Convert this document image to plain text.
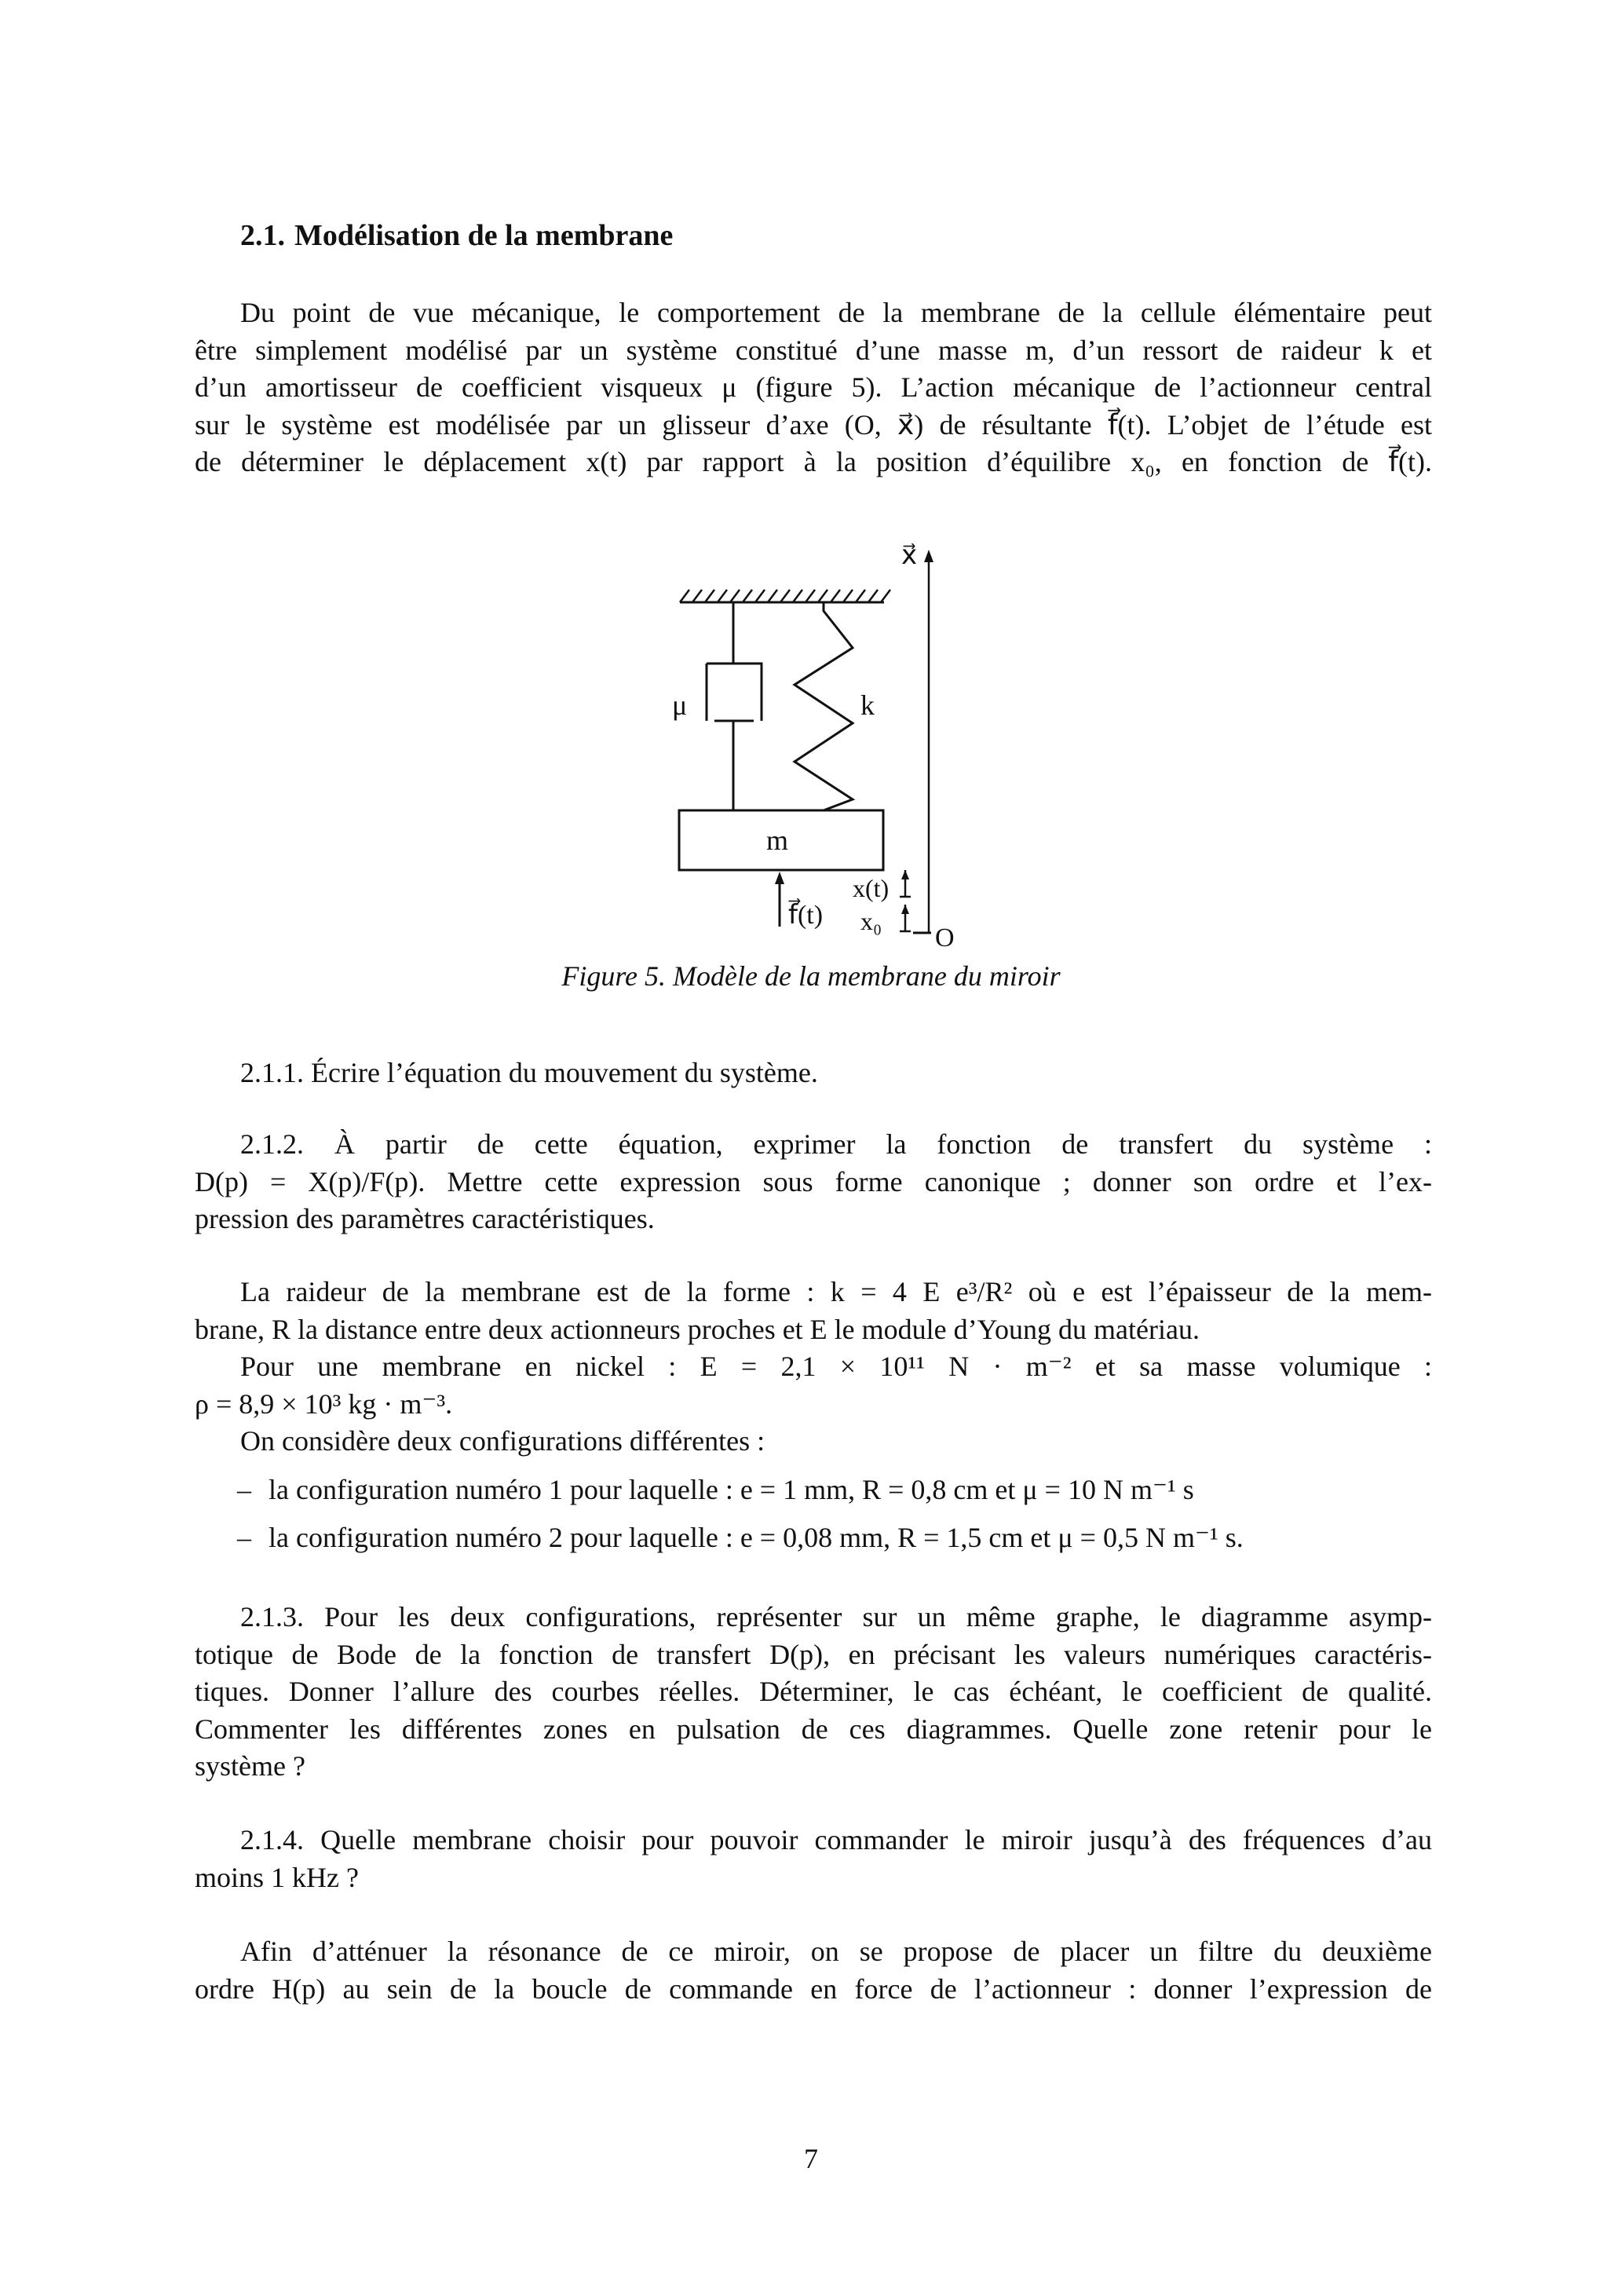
2.1. Modélisation de la membrane
Du point de vue mécanique, le comportement de la membrane de la cellule élémentaire peut
être simplement modélisé par un système constitué d’une masse m, d’un ressort de raideur k et
d’un amortisseur de coefficient visqueux μ (figure 5). L’action mécanique de l’actionneur central
sur le système est modélisée par un glisseur d’axe (O, x⃗) de résultante f⃗(t). L’objet de l’étude est
de déterminer le déplacement x(t) par rapport à la position d’équilibre x₀, en fonction de f⃗(t).
x⃗
μ	k
m
f⃗(t)
x(t)
x₀
O
Figure 5. Modèle de la membrane du miroir
2.1.1. Écrire l’équation du mouvement du système.
2.1.2. À partir de cette équation, exprimer la fonction de transfert du système :
D(p) = X(p)/F(p). Mettre cette expression sous forme canonique ; donner son ordre et l’ex-
pression des paramètres caractéristiques.
La raideur de la membrane est de la forme : k = 4 E e³/R² où e est l’épaisseur de la mem-
brane, R la distance entre deux actionneurs proches et E le module d’Young du matériau.
Pour une membrane en nickel : E = 2,1 × 10¹¹ N · m⁻² et sa masse volumique :
ρ = 8,9 × 10³ kg · m⁻³.
On considère deux configurations différentes :
– la configuration numéro 1 pour laquelle : e = 1 mm, R = 0,8 cm et μ = 10 N m⁻¹ s
– la configuration numéro 2 pour laquelle : e = 0,08 mm, R = 1,5 cm et μ = 0,5 N m⁻¹ s.
2.1.3. Pour les deux configurations, représenter sur un même graphe, le diagramme asymp-
totique de Bode de la fonction de transfert D(p), en précisant les valeurs numériques caractéris-
tiques. Donner l’allure des courbes réelles. Déterminer, le cas échéant, le coefficient de qualité.
Commenter les différentes zones en pulsation de ces diagrammes. Quelle zone retenir pour le
système ?
2.1.4. Quelle membrane choisir pour pouvoir commander le miroir jusqu’à des fréquences d’au
moins 1 kHz ?
Afin d’atténuer la résonance de ce miroir, on se propose de placer un filtre du deuxième
ordre H(p) au sein de la boucle de commande en force de l’actionneur : donner l’expression de
7
